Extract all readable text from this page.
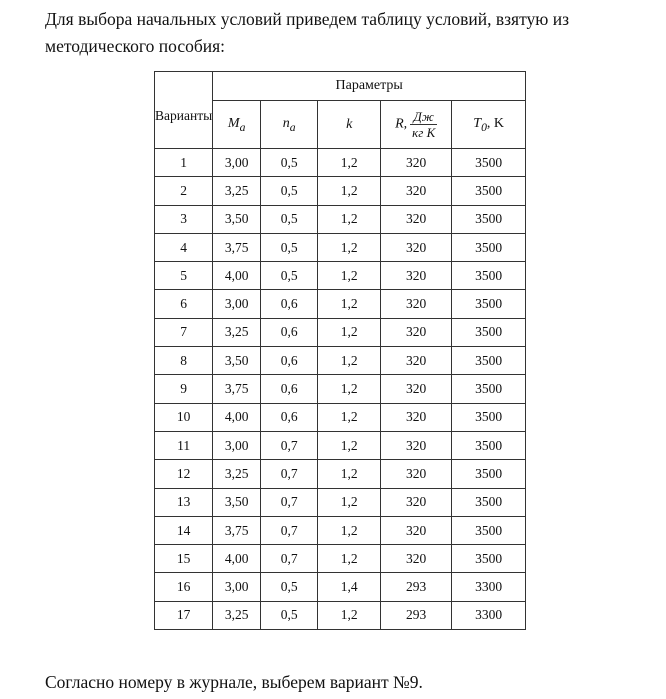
Для выбора начальных условий приведем таблицу условий, взятую из методического пособия:

Варианты	Параметры				
	$M_а$	$n_а$	k	R, $\frac{Дж}{\text{кг К}}$	$T_0$, K
1	3,00	0,5	1,2	320	3500
2	3,25	0,5	1,2	320	3500
3	3,50	0,5	1,2	320	3500
4	3,75	0,5	1,2	320	3500
5	4,00	0,5	1,2	320	3500
6	3,00	0,6	1,2	320	3500
7	3,25	0,6	1,2	320	3500
8	3,50	0,6	1,2	320	3500
9	3,75	0,6	1,2	320	3500
10	4,00	0,6	1,2	320	3500
11	3,00	0,7	1,2	320	3500
12	3,25	0,7	1,2	320	3500
13	3,50	0,7	1,2	320	3500
14	3,75	0,7	1,2	320	3500
15	4,00	0,7	1,2	320	3500
16	3,00	0,5	1,4	293	3300
17	3,25	0,5	1,2	293	3300

Согласно номеру в журнале, выберем вариант №9.
